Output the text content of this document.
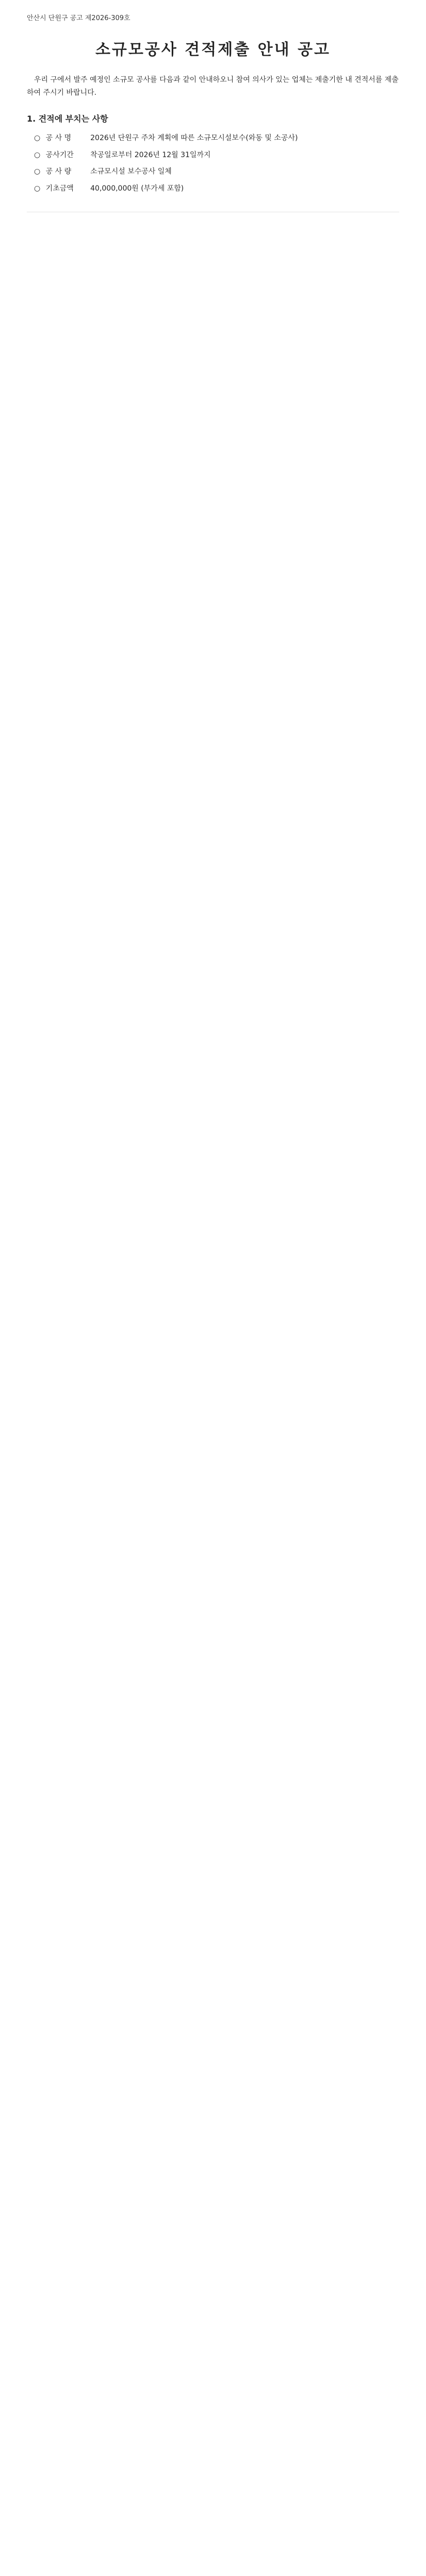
안산시 단원구 공고 제2026-309호
소규모공사 견적제출 안내 공고

우리 구에서 발주 예정인 소규모 공사를 다음과 같이 안내하오니 참여 의사가 있는 업체는 제출기한 내 견적서를 제출하여 주시기 바랍니다.

1. 견적에 부치는 사항
○ 공 사 명	2026년 단원구 주차 계획에 따른 소규모시설보수(와동 및 소공사)
○ 공사기간 착공일로부터 2026년 12월 31일까지
○ 공 사 량	소규모시설 보수공사 일체
○ 기초금액 40,000,000원 (부가세 포함)
